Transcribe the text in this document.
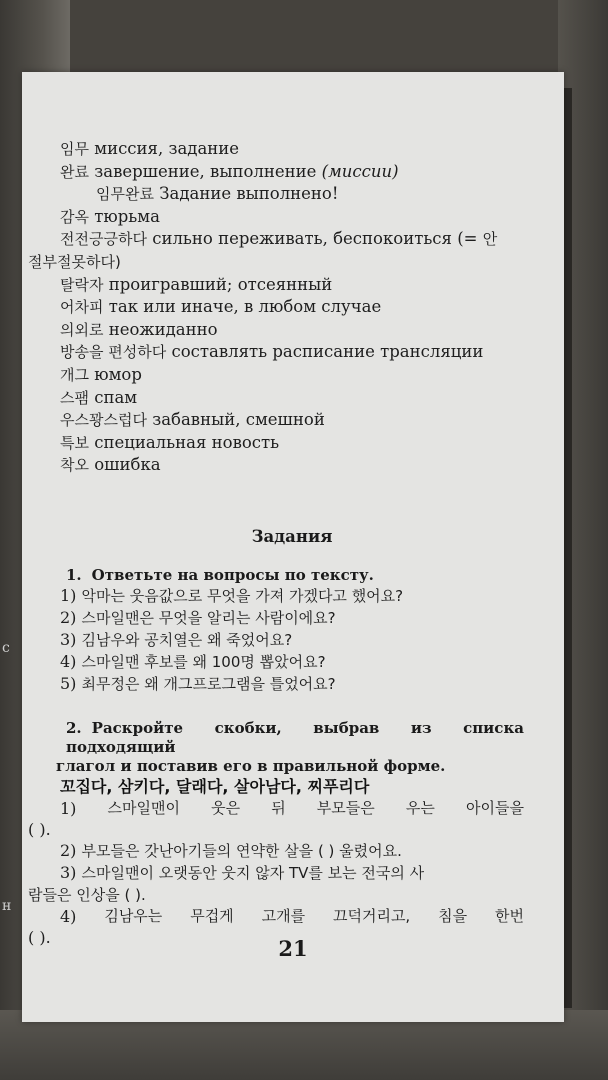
c
н
임무 миссия, задание
완료 завершение, выполнение (миссии)
임무완료 Задание выполнено!
감옥 тюрьма
전전긍긍하다 сильно переживать, беспокоиться (= 안
절부절못하다)
탈락자 проигравший; отсеянный
어차피 так или иначе, в любом случае
의외로 неожиданно
방송을 편성하다 составлять расписание трансляции
개그 юмор
스팸 спам
우스꽝스럽다 забавный, смешной
특보 специальная новость
착오 ошибка
Задания
1. Ответьте на вопросы по тексту.
1) 악마는 웃음값으로 무엇을 가져 가겠다고 했어요?
2) 스마일맨은 무엇을 알리는 사람이에요?
3) 김남우와 공치열은 왜 죽었어요?
4) 스마일맨 후보를 왜 100명 뽑았어요?
5) 최무정은 왜 개그프로그램을 틀었어요?
2. Раскройте скобки, выбрав из списка подходящий
глагол и поставив его в правильной форме.
꼬집다, 삼키다, 달래다, 살아남다, 찌푸리다
1) 스마일맨이 웃은 뒤 부모들은 우는 아이들을
( ).
2) 부모들은 갓난아기들의 연약한 살을 ( ) 울렸어요.
3) 스마일맨이 오랫동안 웃지 않자 TV를 보는 전국의 사
람들은 인상을 ( ).
4) 김남우는 무겁게 고개를 끄덕거리고, 침을 한번
( ).	21
